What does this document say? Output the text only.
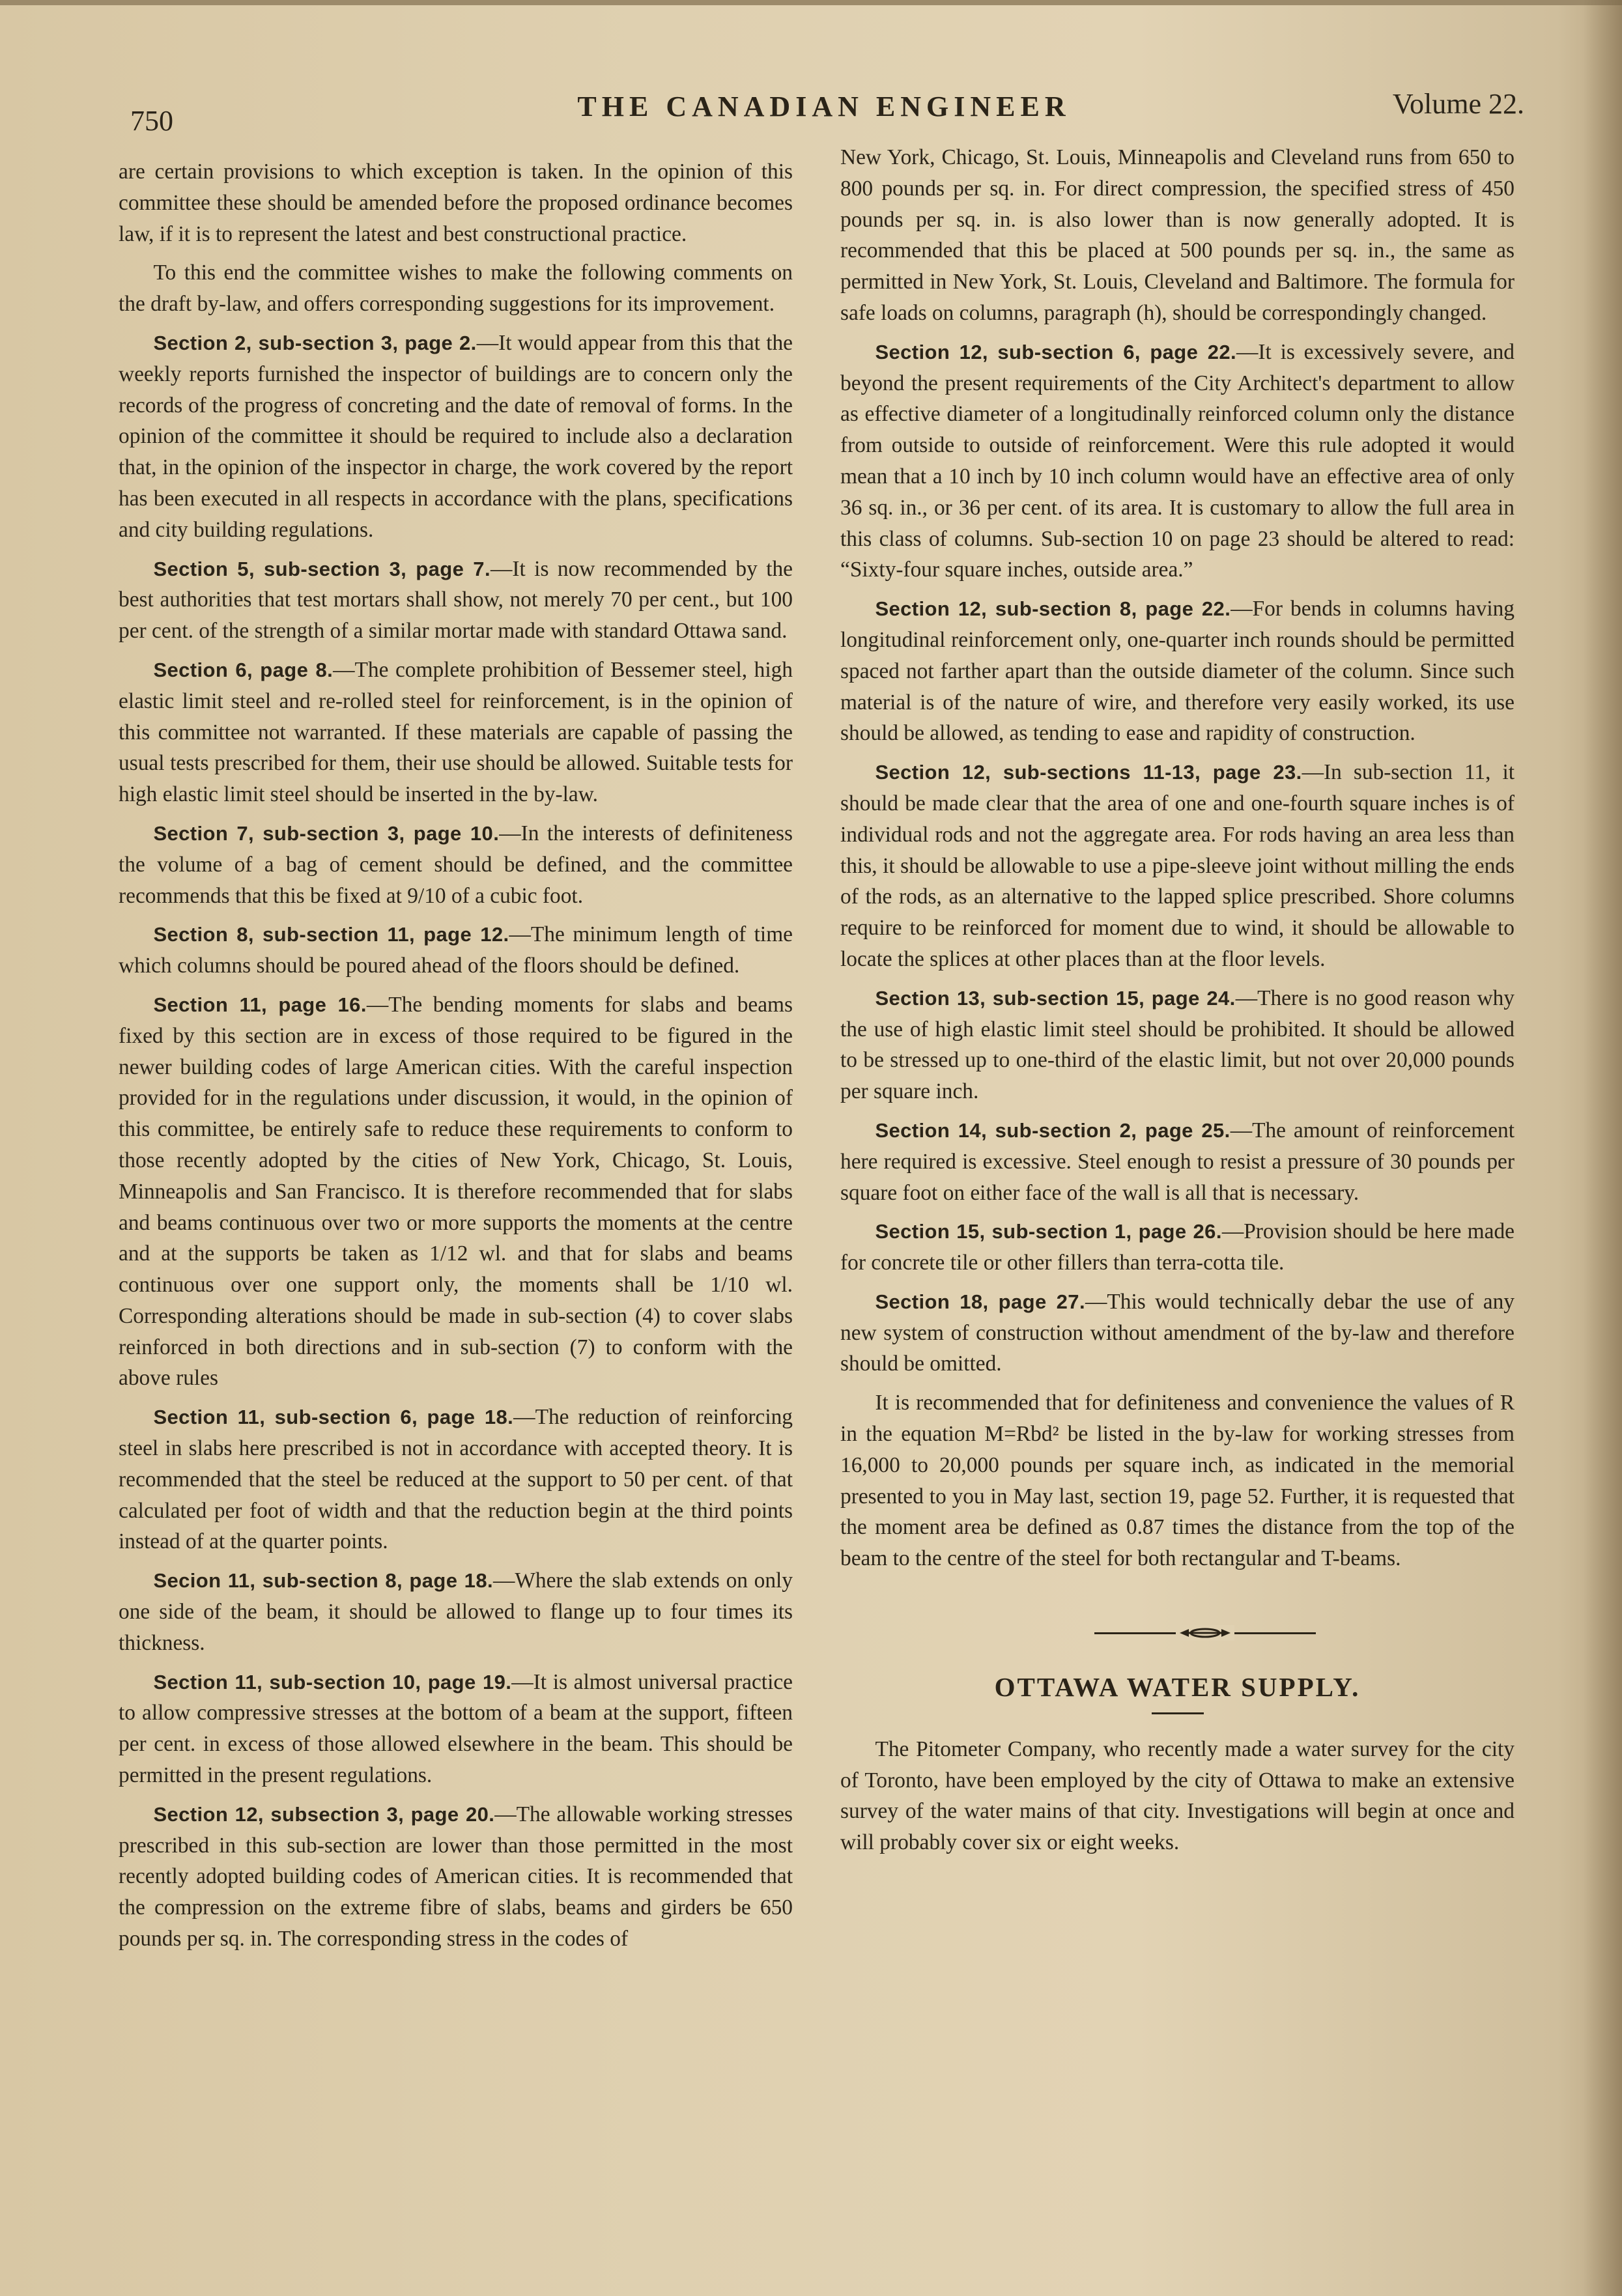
750	THE CANADIAN ENGINEER	Volume 22.

are certain provisions to which exception is taken. In the opinion of this committee these should be amended before the proposed ordinance becomes law, if it is to represent the latest and best constructional practice.

To this end the committee wishes to make the following comments on the draft by-law, and offers corresponding suggestions for its improvement.

Section 2, sub-section 3, page 2.—It would appear from this that the weekly reports furnished the inspector of buildings are to concern only the records of the progress of concreting and the date of removal of forms. In the opinion of the committee it should be required to include also a declaration that, in the opinion of the inspector in charge, the work covered by the report has been executed in all respects in accordance with the plans, specifications and city building regulations.

Section 5, sub-section 3, page 7.—It is now recommended by the best authorities that test mortars shall show, not merely 70 per cent., but 100 per cent. of the strength of a similar mortar made with standard Ottawa sand.

Section 6, page 8.—The complete prohibition of Bessemer steel, high elastic limit steel and re-rolled steel for reinforcement, is in the opinion of this committee not warranted. If these materials are capable of passing the usual tests prescribed for them, their use should be allowed. Suitable tests for high elastic limit steel should be inserted in the by-law.

Section 7, sub-section 3, page 10.—In the interests of definiteness the volume of a bag of cement should be defined, and the committee recommends that this be fixed at 9/10 of a cubic foot.

Section 8, sub-section 11, page 12.—The minimum length of time which columns should be poured ahead of the floors should be defined.

Section 11, page 16.—The bending moments for slabs and beams fixed by this section are in excess of those required to be figured in the newer building codes of large American cities. With the careful inspection provided for in the regulations under discussion, it would, in the opinion of this committee, be entirely safe to reduce these requirements to conform to those recently adopted by the cities of New York, Chicago, St. Louis, Minneapolis and San Francisco. It is therefore recommended that for slabs and beams continuous over two or more supports the moments at the centre and at the supports be taken as 1/12 wl. and that for slabs and beams continuous over one support only, the moments shall be 1/10 wl. Corresponding alterations should be made in sub-section (4) to cover slabs reinforced in both directions and in sub-section (7) to conform with the above rules

Section 11, sub-section 6, page 18.—The reduction of reinforcing steel in slabs here prescribed is not in accordance with accepted theory. It is recommended that the steel be reduced at the support to 50 per cent. of that calculated per foot of width and that the reduction begin at the third points instead of at the quarter points.

Secion 11, sub-section 8, page 18.—Where the slab extends on only one side of the beam, it should be allowed to flange up to four times its thickness.

Section 11, sub-section 10, page 19.—It is almost universal practice to allow compressive stresses at the bottom of a beam at the support, fifteen per cent. in excess of those allowed elsewhere in the beam. This should be permitted in the present regulations.

Section 12, subsection 3, page 20.—The allowable working stresses prescribed in this sub-section are lower than those permitted in the most recently adopted building codes of American cities. It is recommended that the compression on the extreme fibre of slabs, beams and girders be 650 pounds per sq. in. The corresponding stress in the codes of

New York, Chicago, St. Louis, Minneapolis and Cleveland runs from 650 to 800 pounds per sq. in. For direct compression, the specified stress of 450 pounds per sq. in. is also lower than is now generally adopted. It is recommended that this be placed at 500 pounds per sq. in., the same as permitted in New York, St. Louis, Cleveland and Baltimore. The formula for safe loads on columns, paragraph (h), should be correspondingly changed.

Section 12, sub-section 6, page 22.—It is excessively severe, and beyond the present requirements of the City Architect's department to allow as effective diameter of a longitudinally reinforced column only the distance from outside to outside of reinforcement. Were this rule adopted it would mean that a 10 inch by 10 inch column would have an effective area of only 36 sq. in., or 36 per cent. of its area. It is customary to allow the full area in this class of columns. Sub-section 10 on page 23 should be altered to read: “Sixty-four square inches, outside area.”

Section 12, sub-section 8, page 22.—For bends in columns having longitudinal reinforcement only, one-quarter inch rounds should be permitted spaced not farther apart than the outside diameter of the column. Since such material is of the nature of wire, and therefore very easily worked, its use should be allowed, as tending to ease and rapidity of construction.

Section 12, sub-sections 11-13, page 23.—In sub-section 11, it should be made clear that the area of one and one-fourth square inches is of individual rods and not the aggregate area. For rods having an area less than this, it should be allowable to use a pipe-sleeve joint without milling the ends of the rods, as an alternative to the lapped splice prescribed. Shore columns require to be reinforced for moment due to wind, it should be allowable to locate the splices at other places than at the floor levels.

Section 13, sub-section 15, page 24.—There is no good reason why the use of high elastic limit steel should be prohibited. It should be allowed to be stressed up to one-third of the elastic limit, but not over 20,000 pounds per square inch.

Section 14, sub-section 2, page 25.—The amount of reinforcement here required is excessive. Steel enough to resist a pressure of 30 pounds per square foot on either face of the wall is all that is necessary.

Section 15, sub-section 1, page 26.—Provision should be here made for concrete tile or other fillers than terra-cotta tile.

Section 18, page 27.—This would technically debar the use of any new system of construction without amendment of the by-law and therefore should be omitted.

It is recommended that for definiteness and convenience the values of R in the equation M=Rbd² be listed in the by-law for working stresses from 16,000 to 20,000 pounds per square inch, as indicated in the memorial presented to you in May last, section 19, page 52. Further, it is requested that the moment area be defined as 0.87 times the distance from the top of the beam to the centre of the steel for both rectangular and T-beams.

OTTAWA WATER SUPPLY.

The Pitometer Company, who recently made a water survey for the city of Toronto, have been employed by the city of Ottawa to make an extensive survey of the water mains of that city. Investigations will begin at once and will probably cover six or eight weeks.
